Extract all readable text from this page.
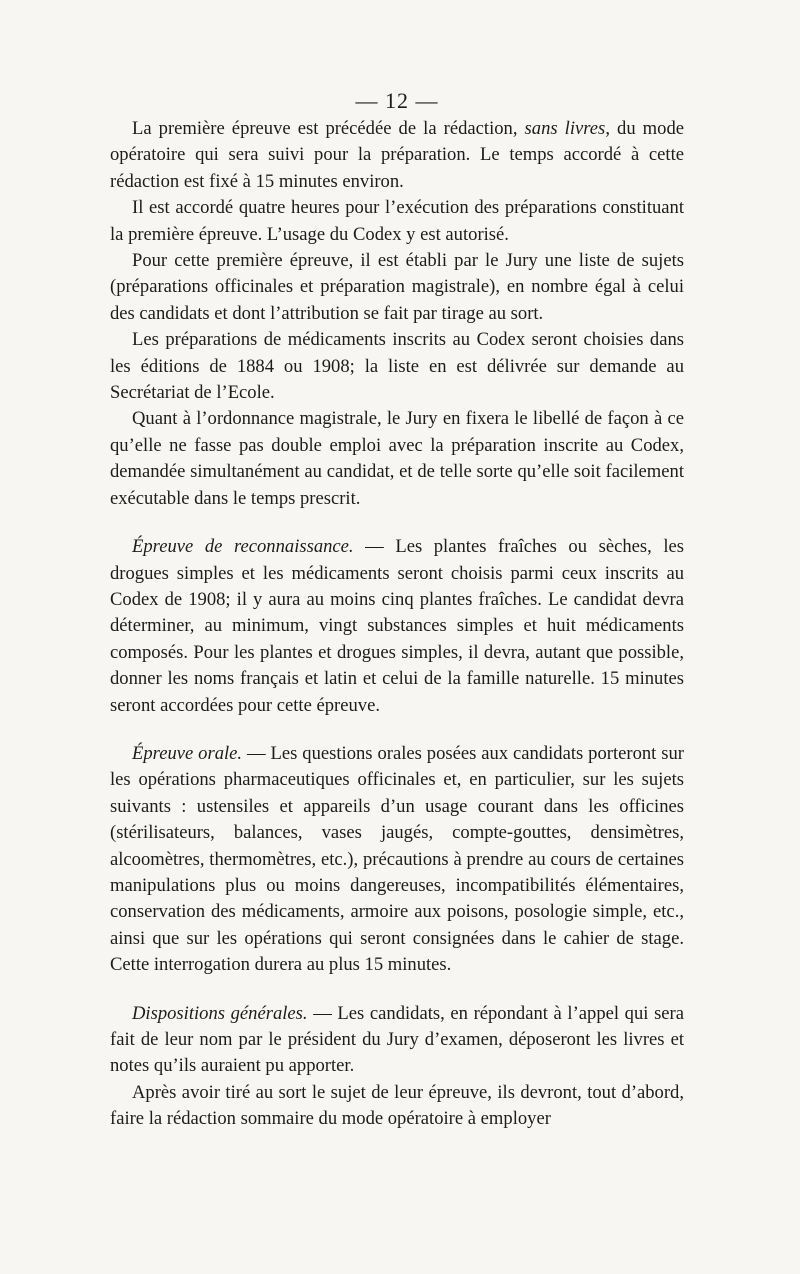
— 12 —

La première épreuve est précédée de la rédaction, sans livres, du mode opératoire qui sera suivi pour la préparation. Le temps accordé à cette rédaction est fixé à 15 minutes environ.

Il est accordé quatre heures pour l’exécution des préparations constituant la première épreuve. L’usage du Codex y est autorisé.

Pour cette première épreuve, il est établi par le Jury une liste de sujets (préparations officinales et préparation magistrale), en nombre égal à celui des candidats et dont l’attribution se fait par tirage au sort.

Les préparations de médicaments inscrits au Codex seront choisies dans les éditions de 1884 ou 1908; la liste en est délivrée sur demande au Secrétariat de l’Ecole.

Quant à l’ordonnance magistrale, le Jury en fixera le libellé de façon à ce qu’elle ne fasse pas double emploi avec la préparation inscrite au Codex, demandée simultanément au candidat, et de telle sorte qu’elle soit facilement exécutable dans le temps prescrit.

Épreuve de reconnaissance. — Les plantes fraîches ou sèches, les drogues simples et les médicaments seront choisis parmi ceux inscrits au Codex de 1908; il y aura au moins cinq plantes fraîches. Le candidat devra déterminer, au minimum, vingt substances simples et huit médicaments composés. Pour les plantes et drogues simples, il devra, autant que possible, donner les noms français et latin et celui de la famille naturelle. 15 minutes seront accordées pour cette épreuve.

Épreuve orale. — Les questions orales posées aux candidats porteront sur les opérations pharmaceutiques officinales et, en particulier, sur les sujets suivants : ustensiles et appareils d’un usage courant dans les officines (stérilisateurs, balances, vases jaugés, compte-gouttes, densimètres, alcoomètres, thermomètres, etc.), précautions à prendre au cours de certaines manipulations plus ou moins dangereuses, incompatibilités élémentaires, conservation des médicaments, armoire aux poisons, posologie simple, etc., ainsi que sur les opérations qui seront consignées dans le cahier de stage. Cette interrogation durera au plus 15 minutes.

Dispositions générales. — Les candidats, en répondant à l’appel qui sera fait de leur nom par le président du Jury d’examen, déposeront les livres et notes qu’ils auraient pu apporter.

Après avoir tiré au sort le sujet de leur épreuve, ils devront, tout d’abord, faire la rédaction sommaire du mode opératoire à employer
